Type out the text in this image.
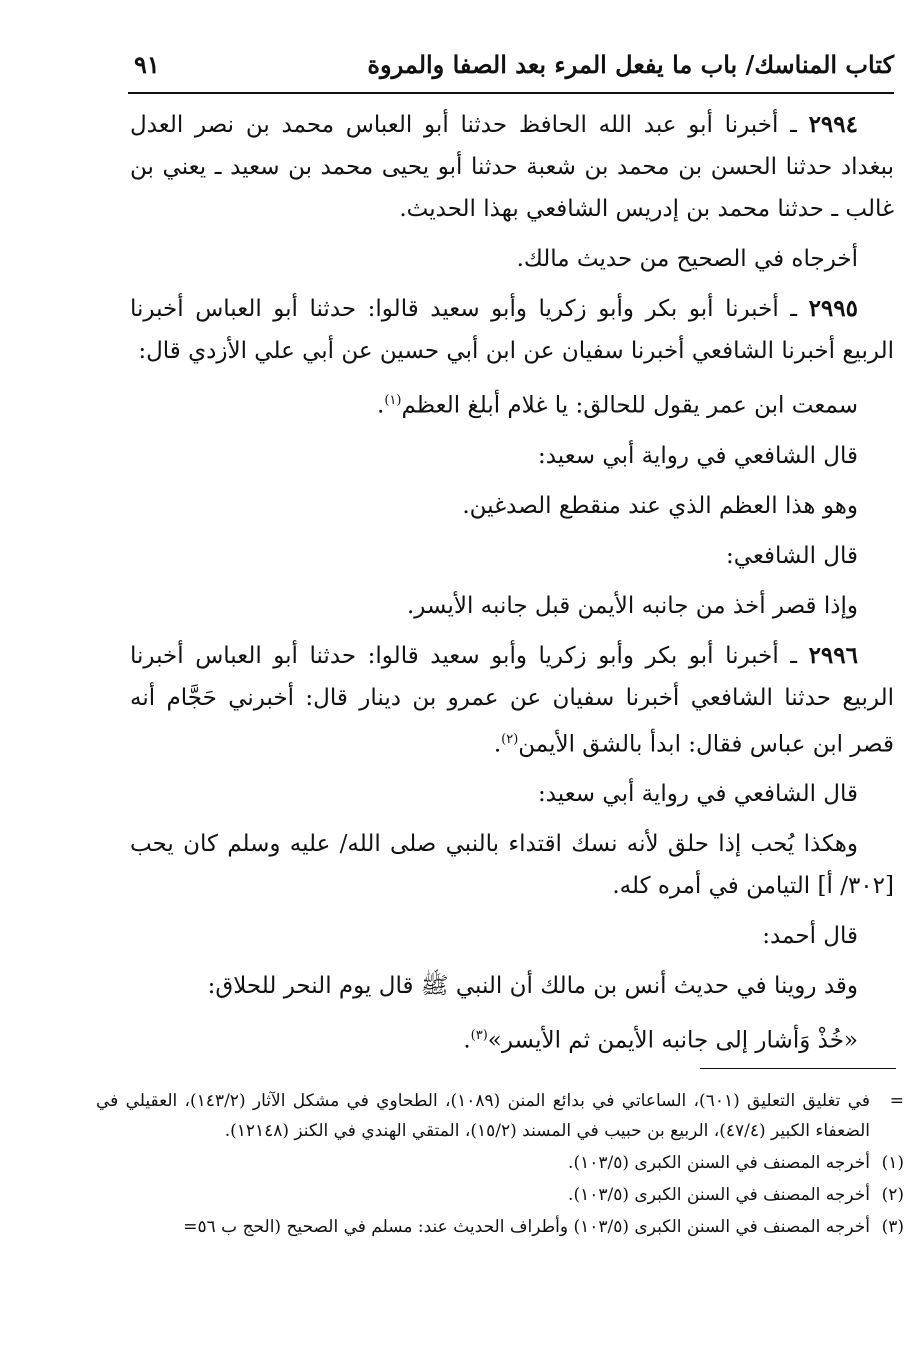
كتاب المناسك/ باب ما يفعل المرء بعد الصفا والمروة
٩١

٢٩٩٤ ـ أخبرنا أبو عبد الله الحافظ حدثنا أبو العباس محمد بن نصر العدل ببغداد حدثنا الحسن بن محمد بن شعبة حدثنا أبو يحيى محمد بن سعيد ـ يعني بن غالب ـ حدثنا محمد بن إدريس الشافعي بهذا الحديث.

أخرجاه في الصحيح من حديث مالك.

٢٩٩٥ ـ أخبرنا أبو بكر وأبو زكريا وأبو سعيد قالوا: حدثنا أبو العباس أخبرنا الربيع أخبرنا الشافعي أخبرنا سفيان عن ابن أبي حسين عن أبي علي الأزدي قال:

سمعت ابن عمر يقول للحالق: يا غلام أبلغ العظم$^{(١)}$.

قال الشافعي في رواية أبي سعيد:

وهو هذا العظم الذي عند منقطع الصدغين.

قال الشافعي:

وإذا قصر أخذ من جانبه الأيمن قبل جانبه الأيسر.

٢٩٩٦ ـ أخبرنا أبو بكر وأبو زكريا وأبو سعيد قالوا: حدثنا أبو العباس أخبرنا الربيع حدثنا الشافعي أخبرنا سفيان عن عمرو بن دينار قال: أخبرني حَجَّام أنه قصر ابن عباس فقال: ابدأ بالشق الأيمن$^{(٢)}$.

قال الشافعي في رواية أبي سعيد:

وهكذا يُحب إذا حلق لأنه نسك اقتداء بالنبي صلى الله/ عليه وسلم كان يحب [٣٠٢/ أ] التيامن في أمره كله.

قال أحمد:

وقد روينا في حديث أنس بن مالك أن النبي ﷺ قال يوم النحر للحلاق:

«خُذْ وَأشار إلى جانبه الأيمن ثم الأيسر»$^{(٣)}$.

=
في تغليق التعليق (٦٠١)، الساعاتي في بدائع المنن (١٠٨٩)، الطحاوي في مشكل الآثار (١٤٣/٢)، العقيلي في الضعفاء الكبير (٤٧/٤)، الربيع بن حبيب في المسند (١٥/٢)، المتقي الهندي في الكنز (١٢١٤٨).

(١)
أخرجه المصنف في السنن الكبرى (١٠٣/٥).

(٢)
أخرجه المصنف في السنن الكبرى (١٠٣/٥).

(٣)
أخرجه المصنف في السنن الكبرى (١٠٣/٥) وأطراف الحديث عند: مسلم في الصحيح (الحج ب ٥٦=
